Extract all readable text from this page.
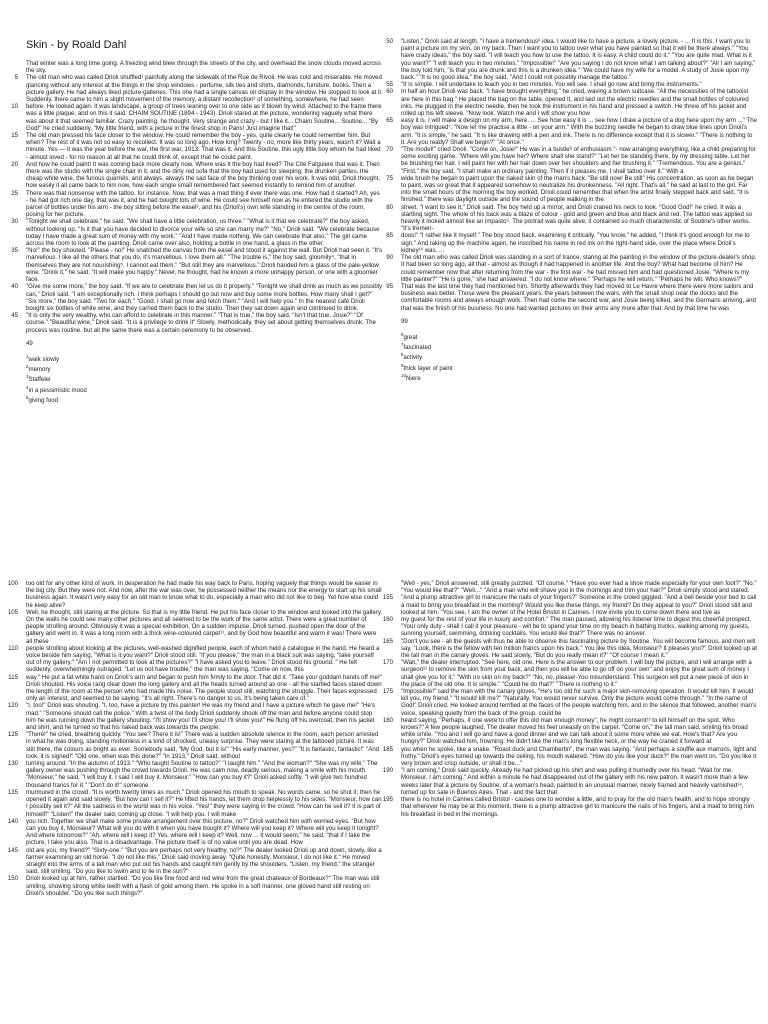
Skin - by Roald Dahl

That winter was a long time going. A freezing wind blew through the streets of the city, and overhead the snow clouds moved across the sky.

5 The old man who was called Drioli shuffled¹ painfully along the sidewalk of the Rue de Rivoli. He was cold and miserable. He moved glancing without any interest at the things in the shop windows - perfume, silk ties and shirts, diamonds, furniture, books. Then a picture gallery. He had always liked picture-galleries. This one had a single canvas on display in the window. He stopped to look at it. Suddenly, there came to him a slight movement of the memory, a distant recollection² of something, somewhere, he had seen

10 before. He looked again. It was landscape, a group of trees leaning over to one side as if blown by wind. Attached to the frame there was a little plaque, and on this it said: CHAIM SOUTINE (1894 - 1943). Drioli stared at the picture, wondering vaguely what there was about it that seemed familiar. Crazy painting, he thought. Very strange and crazy - but I like it... Chaim Soutine... Soutine... "By God!" he cried suddenly. "My little friend, with a picture in the finest shop in Paris! Just imagine that!"

15 The old man pressed his face closer to the window. He could remember the boy - yes, quite clearly he could remember him. But when? The rest of it was not so easy to recollect. It was so long ago. How long? Twenty - no, more like thirty years, wasn't it? Wait a minute. Yes — it was the year before the war, the first war, 1913. That was it. And this Soutine, this ugly little boy whom he had liked - almost loved - for no reason at all that he could think of, except that he could paint.

20 And how he could paint! It was coming back more clearly now. Where was it the boy had lived? The Cite Falguiere that was it. Then there was the studio with the single chair in it, and the dirty red sofa that the boy had used for sleeping; the drunken parties, the cheap white wine, the furious quarrels, and always, always the sad face of the boy thinking over his work. It was odd, Drioli thought, how easily it all came back to him now, how each single small remembered fact seemed instantly to remind him of another.

25 There was that nonsense with the tattoo, for instance. Now, that was a mad thing if ever there was one. How had it started? Ah, yes - he had got rich one day, that was it, and he had bought lots of wine. He could see himself now as he entered the studio with the parcel of bottles under his arm - the boy sitting before the easel³, and his (Drioli's) own wife standing in the centre of the room, posing for her picture.

30 "Tonight we shall celebrate," he said. "We shall have a little celebration, us three." "What is it that we celebrate?" the boy asked, without looking up. "Is it that you have decided to divorce your wife so she can marry me?" "No," Drioli said. "We celebrate because today I have made a great sum of money with my work." "And I have made nothing. We can celebrate that also." The girl came across the room to look at the painting. Drioli came over also, holding a bottle in one hand, a glass in the other.

35 "No!" the boy shouted. "Please - no!" He snatched the canvas from the easel and stood it against the wall. But Drioli had seen it. "It's marvellous. I like all the others that you do, it's marvellous. I love them all." "The trouble is," the boy said, gloomily⁴, "that in themselves they are not nourishing⁵. I cannot eat them." "But still they are marvellous." Drioli handed him a glass of the pale-yellow wine. "Drink it," he said. "It will make you happy." Never, he thought, had he known a more unhappy person, or one with a gloomier face.

40 "Give me some more," the boy said. "If we are to celebrate then let us do it properly." "Tonight we shall drink as much as we possibly can," Drioli said. "I am exceptionally rich. I think perhaps I should go out now and buy some more bottles. How many shall I get?" "Six more," the boy said. "Two for each." "Good. I shall go now and fetch them." "And I will help you." In the nearest café Drioli bought six bottles of white wine, and they carried them back to the studio. Then they sat down again and continued to drink.

45 "It is only the very wealthy, who can afford to celebrate in this manner." "That is true," the boy said. "Isn't that true, Josie?" "Of course." "Beautiful wine," Drioli said. "It is a privilege to drink it" Slowly, methodically, they set about getting themselves drunk. The process was routine, but all the same there was a certain ceremony to be observed.

49

$^1$walk slowly

$^2$memory

$^3$Staffelei

$^4$in a pessimistic mood

$^5$giving food

50 "Listen," Drioli said at length. "I have a tremendous⁶ idea. I would like to have a picture, a lovely picture. - ... It is this. I want you to paint a picture on my skin, on my back. Then I want you to tattoo over what you have painted so that it will be there always." "You have crazy ideas," the boy said. "I will teach you how to use the tattoo. It is easy. A child could do it." "You are quite mad. What is it you want?" "I will teach you in two minutes." "Impossible!" "Are you saying I do not know what I am talking about?" "All I am saying," the boy told him, "is that you are drunk and this is a drunken idea." "We could have my wife for a model. A study of Josie upon my back." "It is no good idea," the boy said. "And I could not possibly manage the tattoo."

55 "It is simple. I will undertake to teach you in two minutes. You will see. I shall go now and bring the instruments."

60 In half an hour Drioli was back. "I have brought everything," he cried, waving a brown suitcase. "All the necessities of the tattooist are here in this bag." He placed the bag on the table, opened it, and laid out the electric needles and the small bottles of coloured inks. He plugged in the electric needle, then he took the instrument in his hand and pressed a switch. He threw off his jacket and rolled up his left sleeve. "Now look. Watch me and I will show you how

65 easy it is. I will make a design on my arm, here. ... See how easy it is ... see how I draw a picture of a dog here upon my arm ..." The boy was intrigued⁷. "Now let me practise a little - on your arm." With the buzzing needle he began to draw blue lines upon Drioli's arm. "It is simple," he said. "It is like drawing with a pen and ink. There is no difference except that it is slower." "There is nothing to it. Are you ready? Shall we begin?" "At once."

70 "The model!" cried Drioli. "Come on, Josie!" He was in a bustle⁸ of enthusiasm "- now arranging everything, like a child preparing for some exciting game. "Where will you have her? Where shall she stand?" "Let her be standing there, by my dressing table. Let her be brushing her hair. I will paint her with her hair down over her shoulders and her brushing it." "Tremendous. You are a genius." "First," the boy said, "I shall make an ordinary painting. Then if it pleases me, I shall tattoo over it." With a

75 wide brush he began to paint upon the naked skin of the man's back. "Be still now! Be still" His concentration, as soon as he began to paint, was so great that it appeared somehow to neutralize his drunkenness. "All right. That's all," he said at last to the girl. Far into the small hours of the morning the boy worked. Drioli could remember that when the artist finally stepped back and said, "It is finished," there was daylight outside and the sound of people walking in the

80 street. "I want to see it," Drioli said. The boy held up a mirror, and Drioli craned his neck to look. "Good God!" he cried. It was a startling sight. The whole of his back was a blaze of colour - gold and green and blue and black and red. The tattoo was applied so heavily it looked almost like an impasto⁹. The portrait was quite alive; it contained so much characteristic of Soutine's other works. "It's tremen-

85 dous!" "I rather like it myself." The boy stood back, examining it critically. "You know," he added, "I think it's good enough for me to sign." And taking up the machine again, he inscribed his name in red ink on the right-hand side, over the place where Drioli's kidney¹⁰ was. ...

90 The old man who was called Drioli was standing in a sort of trance, staring at the painting in the window of the picture-dealer's shop. It had been so long ago, all that - almost as though it had happened in another life. And the boy? What had become of him? He could remember now that after returning from the war - the first war - he had missed him and had questioned Josie. "Where is my little painter?" "He is gone," she had answered. "I do not know where." "Perhaps he will return." "Perhaps he will. Who knows?"

95 That was the last time they had mentioned him. Shortly afterwards they had moved to Le Havre where there were more sailors and business was better. Those were the pleasant years, the years between the wars, with the small shop near the docks and the comfortable rooms and always enough work. Then had come the second war, and Josie being killed, and the Germans arriving, and that was the finish of his business. No one had wanted pictures on their arms any more after that. And by that time he was

99

$^6$great

$^7$fascinated

$^8$activity

$^9$thick layer of paint

$^{10}$Niere

100 too old for any other kind of work. In desperation he had made his way back to Paris, hoping vaguely that things would be easier in the big city. But they were not. And now, after the war was over, he possessed neither the means nor the energy to start up his small business again. It wasn't very easy for an old man to know what to do, especially a man who did not like to beg. Yet how else could he keep alive?

105 Well, he thought, still staring at the picture. So that is my little friend. He put his face closer to the window and looked into the gallery. On the walls he could see many other pictures and all seemed to be the work of the same artist. There were a great number of people strolling around. Obviously it was a special exhibition. On a sudden impulse, Drioli turned, pushed open the door of the gallery and went in. It was a long room with a thick wine-coloured carpet¹¹, and by God how beautiful and warm it was! There were all these

110 people strolling about looking at the pictures, well-washed dignified people, each of whom held a catalogue in the hand. He heard a voice beside him saying, "What is it you want?" Drioli stood still. "If you please," the man in a black suit was saying, "take yourself out of my gallery." "Am I not permitted to look at the pictures?" "I have asked you to leave." Drioli stood his ground. " He felt suddenly, overwhelmingly outraged. "Let us not have trouble," the man was saying. "Come on now, this

115 way." He put a fat white hand on Drioli's arm and began to push him firmly to the door. That did it. "Take your goddam hands off me!" Drioli shouted. His voice rang clear down the long gallery and all the heads turned around as one - all the startled faces stared down the length of the room at the person who had made this noise. The people stood still, watching the struggle. Their faces expressed only an interest, and seemed to be saying. "It's all right. There's no danger to us. It's being taken care of."

120 "I, too!" Drioli was shouting. "I, too, have a picture by this painter! He was my friend and I have a picture which he gave me!" "He's mad." "Someone should call the police." With a twist of the body Drioli suddenly shook off the man and before anyone could stop him he was running down the gallery shouting. "I'll show you! I'll show you! I'll show you!" He flung off his overcoat, then his jacket and shirt, and he turned so that his naked back was towards the people.

125 "There!" he cried, breathing quickly. "You see? There it is!" There was a sudden absolute silence in the room, each person arrested in what he was doing, standing motionless in a kind of shocked, uneasy surprise. They were staring at the tattooed picture. It was still there, the colours as bright as ever. Somebody said, "My God, but it is!" "His early manner, yes?" "It is fantastic, fantastic!" "And look, it is signed!" "Old one, when was this done?" "In 1913," Drioli said, without

130 turning around. "In the autumn of 1913." "Who taught Soutine to tattoo?" "I taught him." "And the woman?" "She was my wife." The gallery owner was pushing through the crowd towards Drioli. He was calm now, deadly serious, making a smile with his mouth. "Monsieur," he said, "I will buy it. I said I will buy it. Monsieur." "How can you buy it?" Drioli asked softly. "I will give two hundred thousand francs for it." "Don't do it!" someone

135 murmured in the crowd. "It is worth twenty times as much." Drioli opened his mouth to speak. No words came, so he shut it; then he opened it again and said slowly, "But how can I sell it?" He lifted his hands, let them drop helplessly to his sides. "Monsieur, how can I possibly sell it?" All the sadness in the world was in his voice. "Yes!" they were saying in the crowd. "How can he sell it? It is part of himself!" "Listen!" the dealer said, coming up close. "I will help you. I will make

140 you rich. Together we shall make some private arrangement over this picture, no?" Drioli watched him with worried eyes. "But how can you buy it, Monsieur? What will you do with it when you have bought it? Where will you keep it? Where will you keep it tonight? And where tomorrow?" "Ah, where will I keep it? Yes, where will I keep it? Well, now ... It would seem," he said, "that if I take the picture, I take you also. That is a disadvantage. The picture itself is of no value until you are dead. How

145 old are you, my friend?" "Sixty-one." "But you are perhaps not very healthy, no?" The dealer looked Drioli up and down, slowly, like a farmer examining an old horse. "I do not like this," Drioli said moving away. "Quite honestly, Monsieur, I do not like it." He moved straight into the arms of a tall man who put out his hands and caught him gently by the shoulders. "Listen, my friend," the stranger said, still smiling. "Do you like to swim and to lie in the sun?"

150 Drioli looked up at him, rather startled. "Do you like fine food and red wine from the great chateaux of Bordeaux?" The man was still smiling, showing strong white teeth with a flash of gold among them. He spoke in a soft manner, one gloved hand still resting on Drioli's shoulder. "Do you like such things?"

"Well - yes," Drioli answered, still greatly puzzled. "Of course." "Have you ever had a shoe made especially for your own foot?" "No." "You would like that?" "Well..." "And a man who will shave you in the mornings and trim your hair?" Drioli simply stood and stared.

155 "And a plump attractive girl to manicure the nails of your fingers?" Someone in the crowd giggled. "And a bell beside your bed to call a maid to bring you breakfast in the morning? Would you like these things, my friend? Do they appeal to you?" Drioli stood still and looked at him. "You see, I am the owner of the Hotel Bristol in Cannes. I now invite you to come down there and live as

160 my guest for the rest of your life in luxury and comfort." The man paused, allowing his listener time to digest this cheerful prospect. "Your only duty - shall I call it your pleasure - will be to spend your time on my beach in bathing trunks, walking among my guests, sunning yourself, swimming, drinking cocktails. You would like that?" There was no answer.

165 "Don't you see - all the guests will thus be able to observe this fascinating picture by Soutine. You will become famous, and men will say, "Look, there is the fellow with ten million francs upon his back." You like this idea, Monsieur? It pleases you?" Drioli looked up at the tall man in the canary gloves. He said slowly, "But do you really mean it?" "Of course I mean it."

170 "Wait," the dealer interrupted. "See here, old one. Here is the answer to our problem. I will buy the picture, and I will arrange with a surgeon¹² to remove the skin from your back, and then you will be able to go off on your own" and enjoy the great sum of money I shall give you for it." "With no skin on my back?" "No, no, please!-You misunderstand. This surgeon will put a new piece of skin in the place of the old one. It is simple." "Could he do that?" "There is nothing to it."

175 "Impossible!" said the man with the canary gloves. "He's too old for such a major skin-removing operation. It would kill him. It would kill you, my friend." "It would kill me?" "Naturally. You would never survive. Only the picture would come through." "In the name of God!" Drioli cried. He looked around terrified at the faces of the people watching him, and in the silence that followed, another man's voice, speaking quietly from the back of the group, could be

180 heard saying, "Perhaps, if one were to offer this old man enough money", he might consent¹³ to kill himself on the spot. Who knows?" A few people laughed. The dealer moved his feet uneasily on the carpet. "Come on," the tall man said, smiling his broad white smile. "You and I will go and have a good dinner and we can talk about it some more while we eat. How's that? Are you hungry?" Drioli watched him, frowning. He didn't like the man's long flexible neck, or the way he craned it forward at

185 you when he spoke, like a snake. "Roast duck and Chambertin", the man was saying. "And perhaps a souffle aux marrons, light and frothy." Drioli's eyes turned up towards the ceiling, his mouth watered. "How do you like your duck?" the man went on. "Do you like it very brown and crisp outside, or shall it be..."

190 "I am coming," Drioli said quickly. Already he had picked up his shirt and was pulling it hurriedly over his head. "Wait for me. Monsieur. I am coming." And within a minute he had disappeared out of the gallery with his new patron. It wasn't more than a few weeks later that a picture by Soutine, of a woman's head, painted in an unusual manner, nicely framed and heavily varnished¹⁴, turned up for sale in Buenos Aires. That - and the fact that

195 there is no hotel in Cannes called Bristol - causes one to wonder a little, and to pray for the old man's health, and to hope strongly that wherever he may be at this moment, there is a plump attractive girl to manicure the nails of his fingers, and a maid to bring him his breakfast in bed in the mornings.
